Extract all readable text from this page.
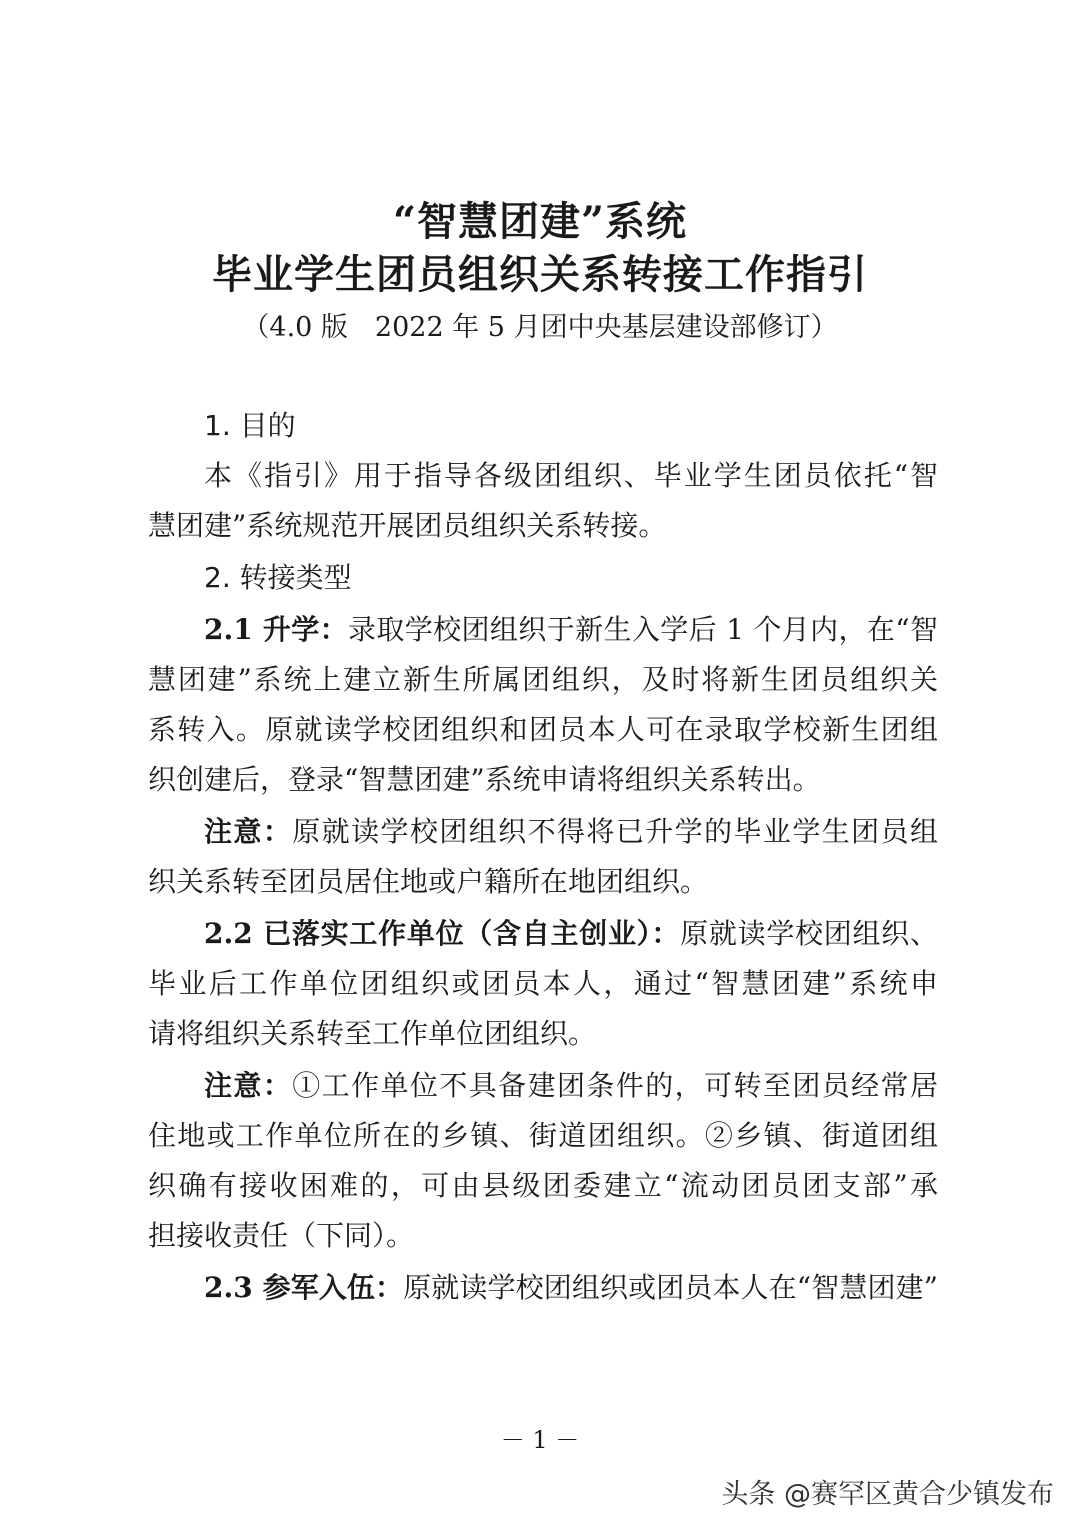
“智慧团建”系统
毕业学生团员组织关系转接工作指引
（4.0 版　2022 年 5 月团中央基层建设部修订）
1. 目的
本《指引》用于指导各级团组织、毕业学生团员依托“智
慧团建”系统规范开展团员组织关系转接。
2. 转接类型
2.1 升学：录取学校团组织于新生入学后 1 个月内，在“智
慧团建”系统上建立新生所属团组织，及时将新生团员组织关
系转入。原就读学校团组织和团员本人可在录取学校新生团组
织创建后，登录“智慧团建”系统申请将组织关系转出。
注意：原就读学校团组织不得将已升学的毕业学生团员组
织关系转至团员居住地或户籍所在地团组织。
2.2 已落实工作单位（含自主创业）：原就读学校团组织、
毕业后工作单位团组织或团员本人，通过“智慧团建”系统申
请将组织关系转至工作单位团组织。
注意：①工作单位不具备建团条件的，可转至团员经常居
住地或工作单位所在的乡镇、街道团组织。②乡镇、街道团组
织确有接收困难的，可由县级团委建立“流动团员团支部”承
担接收责任（下同）。
2.3 参军入伍：原就读学校团组织或团员本人在“智慧团建”
－ 1 －
头条 @赛罕区黄合少镇发布
